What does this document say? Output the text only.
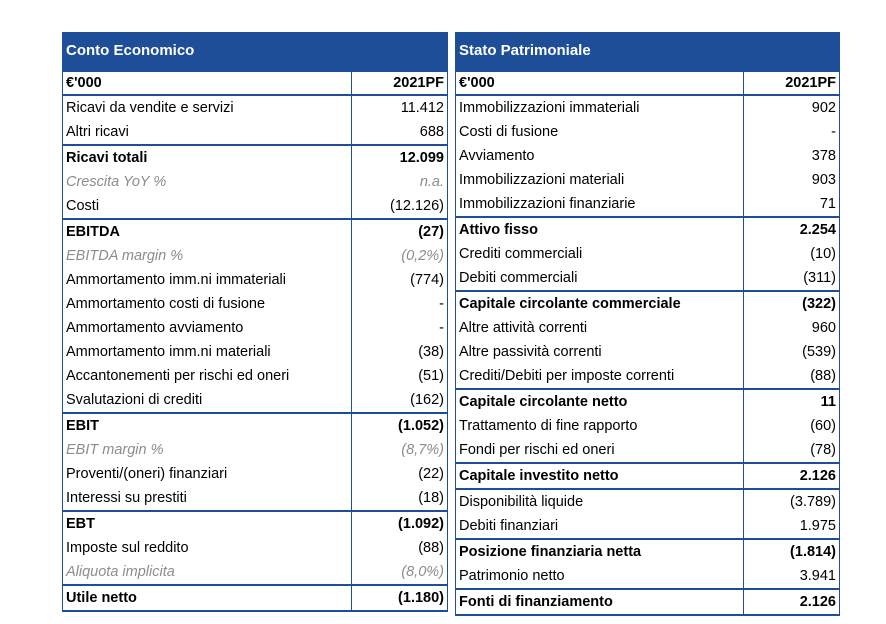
Conto Economico
€'000	2021PF
Ricavi da vendite e servizi	11.412
Altri ricavi	688
Ricavi totali	12.099
Crescita YoY %	n.a.
Costi	(12.126)
EBITDA	(27)
EBITDA margin %	(0,2%)
Ammortamento imm.ni immateriali	(774)
Ammortamento costi di fusione	-
Ammortamento avviamento	-
Ammortamento imm.ni materiali	(38)
Accantonementi per rischi ed oneri	(51)
Svalutazioni di crediti	(162)
EBIT	(1.052)
EBIT margin %	(8,7%)
Proventi/(oneri) finanziari	(22)
Interessi su prestiti	(18)
EBT	(1.092)
Imposte sul reddito	(88)
Aliquota implicita	(8,0%)
Utile netto	(1.180)
Stato Patrimoniale
€'000	2021PF
Immobilizzazioni immateriali	902
Costi di fusione	-
Avviamento	378
Immobilizzazioni materiali	903
Immobilizzazioni finanziarie	71
Attivo fisso	2.254
Crediti commerciali	(10)
Debiti commerciali	(311)
Capitale circolante commerciale	(322)
Altre attività correnti	960
Altre passività correnti	(539)
Crediti/Debiti per imposte correnti	(88)
Capitale circolante netto	11
Trattamento di fine rapporto	(60)
Fondi per rischi ed oneri	(78)
Capitale investito netto	2.126
Disponibilità liquide	(3.789)
Debiti finanziari	1.975
Posizione finanziaria netta	(1.814)
Patrimonio netto	3.941
Fonti di finanziamento	2.126
